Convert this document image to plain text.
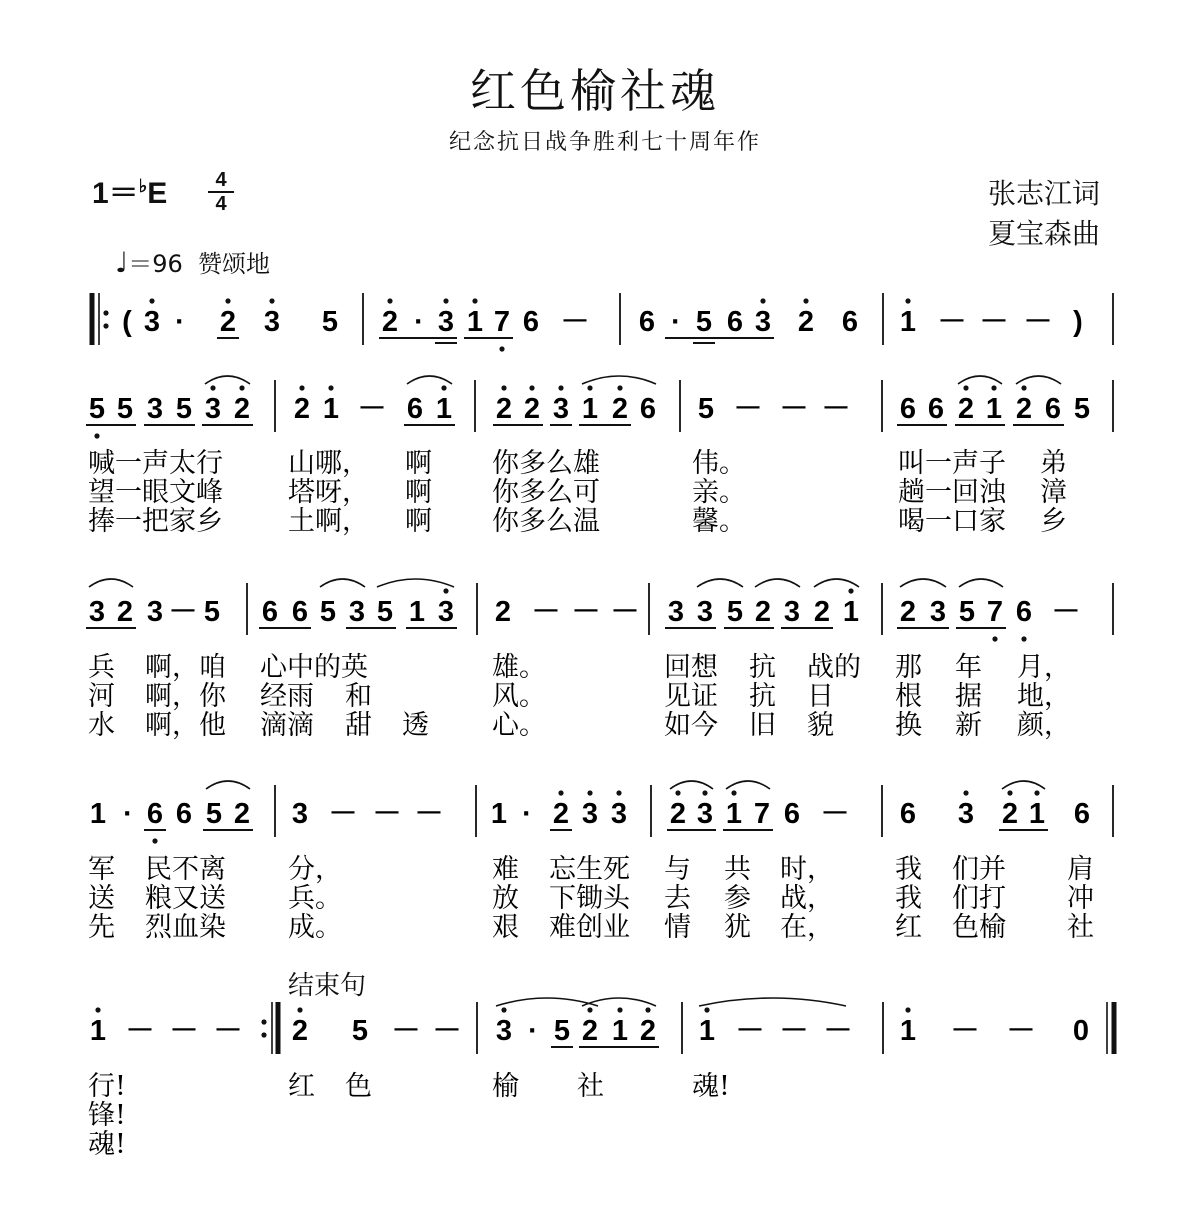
红色榆社魂
纪念抗日战争胜利七十周年作
1＝♭E	4
4	张志江词
夏宝森曲
♩＝96  赞颂地
结束句
( 3 · 2 3 5 2 · 3 1 7 6 － 6 · 5 6 3 2 6 1 － － － )
5 5 3 5 3 2 2 1 － 6 1 2 2 3 1 2 6 5 － － － 6 6 2 1 2 6 5
喊一声太行 山哪， 啊 你多么雄	伟。	叫一声子 弟
望一眼文峰 塔呀， 啊 你多么可	亲。	趟一回浊 漳
捧一把家乡 土啊， 啊 你多么温	馨。	喝一口家 乡
3 2 3 － 5 6 6 5 3 5 1 3 2 － － － 3 3 5 2 3 2 1 2 3 5 7 6 －
兵 啊，咱 心中的英	雄。	回想 抗 战的 那 年 月，
河 啊，你 经雨 和	风。	见证 抗 日 根 据 地，
水 啊，他 滴滴 甜 透 心。	如今 旧 貌 换 新 颜，
1 · 6 6 5 2 3 － － － 1 · 2 3 3 2 3 1 7 6 － 6 3 2 1 6
军 民不离 分，	难 忘生死 与 共 时， 我 们并 肩
送 粮又送 兵。	放 下锄头 去 参 战， 我 们打 冲
先 烈血染 成。	艰 难创业 情 犹 在， 红 色榆 社
1 － － － 2 5 － － 3 · 5 2 1 2 1 － － － 1 － － 0
行!	红 色	榆 社	魂!
锋!
魂!
